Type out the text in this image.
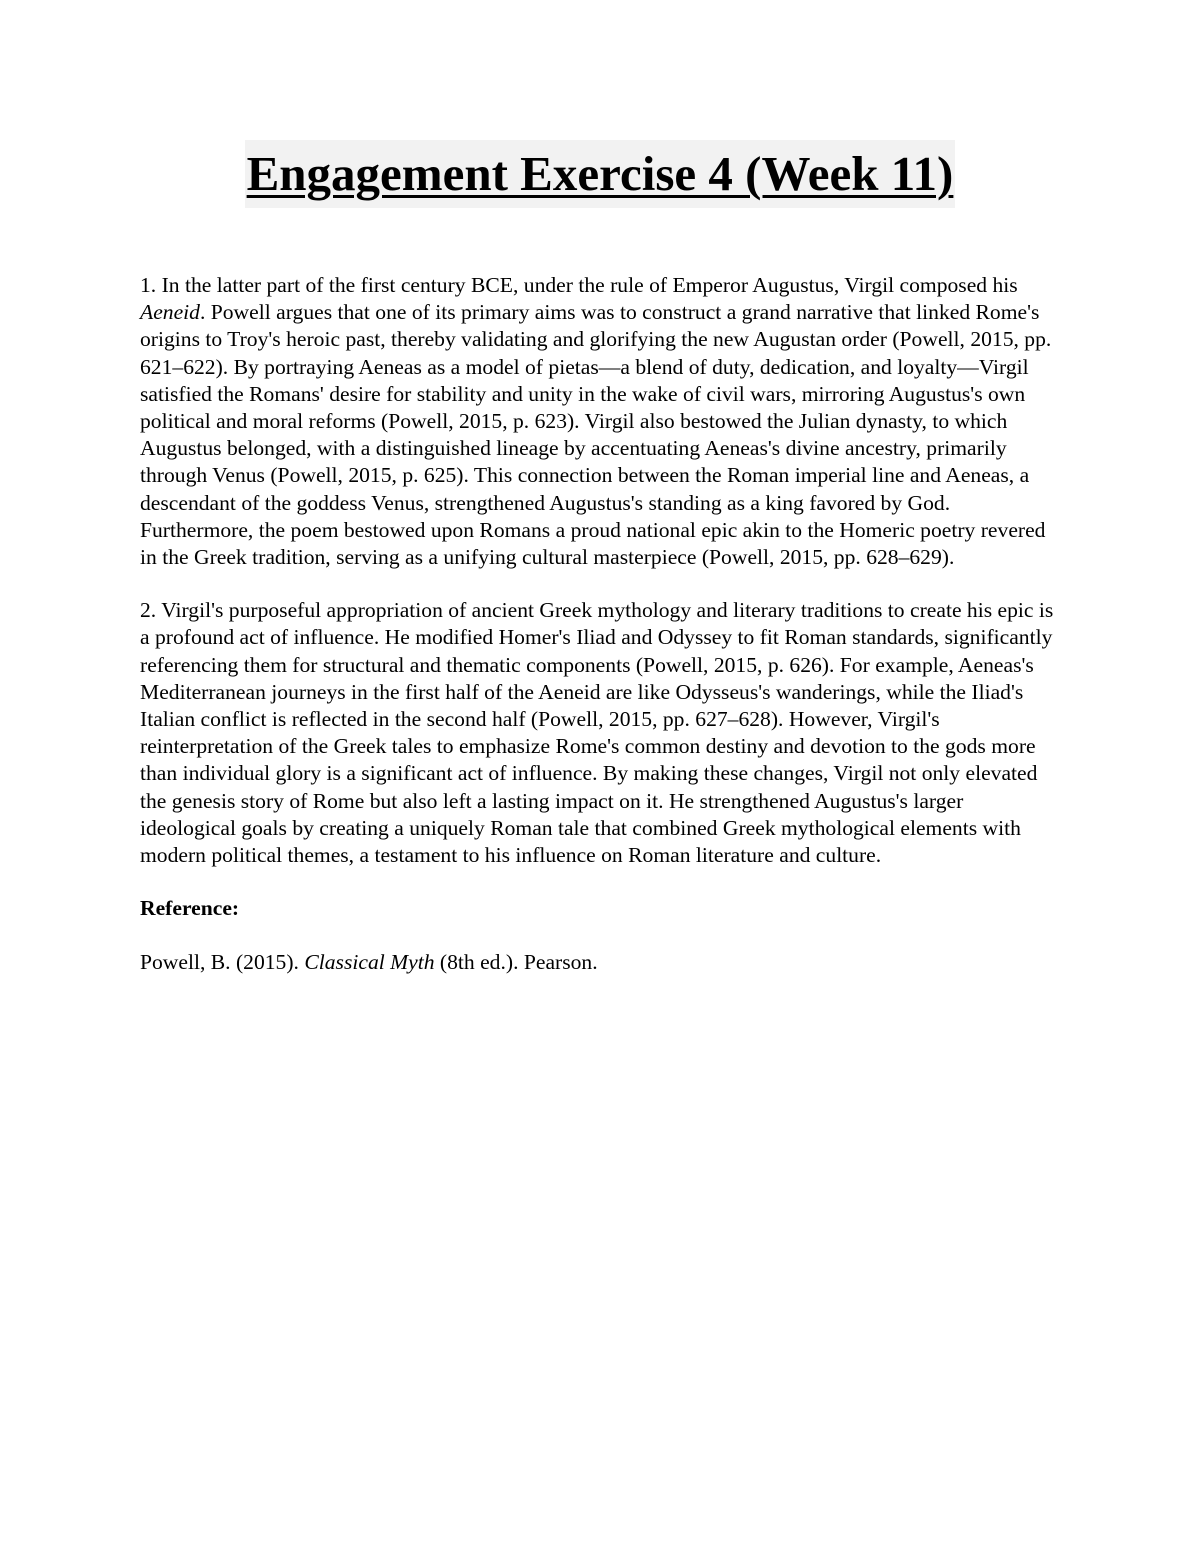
Engagement Exercise 4 (Week 11)

1. In the latter part of the first century BCE, under the rule of Emperor Augustus, Virgil composed his Aeneid. Powell argues that one of its primary aims was to construct a grand narrative that linked Rome's origins to Troy's heroic past, thereby validating and glorifying the new Augustan order (Powell, 2015, pp. 621–622). By portraying Aeneas as a model of pietas—a blend of duty, dedication, and loyalty—Virgil satisfied the Romans' desire for stability and unity in the wake of civil wars, mirroring Augustus's own political and moral reforms (Powell, 2015, p. 623). Virgil also bestowed the Julian dynasty, to which Augustus belonged, with a distinguished lineage by accentuating Aeneas's divine ancestry, primarily through Venus (Powell, 2015, p. 625). This connection between the Roman imperial line and Aeneas, a descendant of the goddess Venus, strengthened Augustus's standing as a king favored by God. Furthermore, the poem bestowed upon Romans a proud national epic akin to the Homeric poetry revered in the Greek tradition, serving as a unifying cultural masterpiece (Powell, 2015, pp. 628–629).

2. Virgil's purposeful appropriation of ancient Greek mythology and literary traditions to create his epic is a profound act of influence. He modified Homer's Iliad and Odyssey to fit Roman standards, significantly referencing them for structural and thematic components (Powell, 2015, p. 626). For example, Aeneas's Mediterranean journeys in the first half of the Aeneid are like Odysseus's wanderings, while the Iliad's Italian conflict is reflected in the second half (Powell, 2015, pp. 627–628). However, Virgil's reinterpretation of the Greek tales to emphasize Rome's common destiny and devotion to the gods more than individual glory is a significant act of influence. By making these changes, Virgil not only elevated the genesis story of Rome but also left a lasting impact on it. He strengthened Augustus's larger ideological goals by creating a uniquely Roman tale that combined Greek mythological elements with modern political themes, a testament to his influence on Roman literature and culture.

Reference:

Powell, B. (2015). Classical Myth (8th ed.). Pearson.
